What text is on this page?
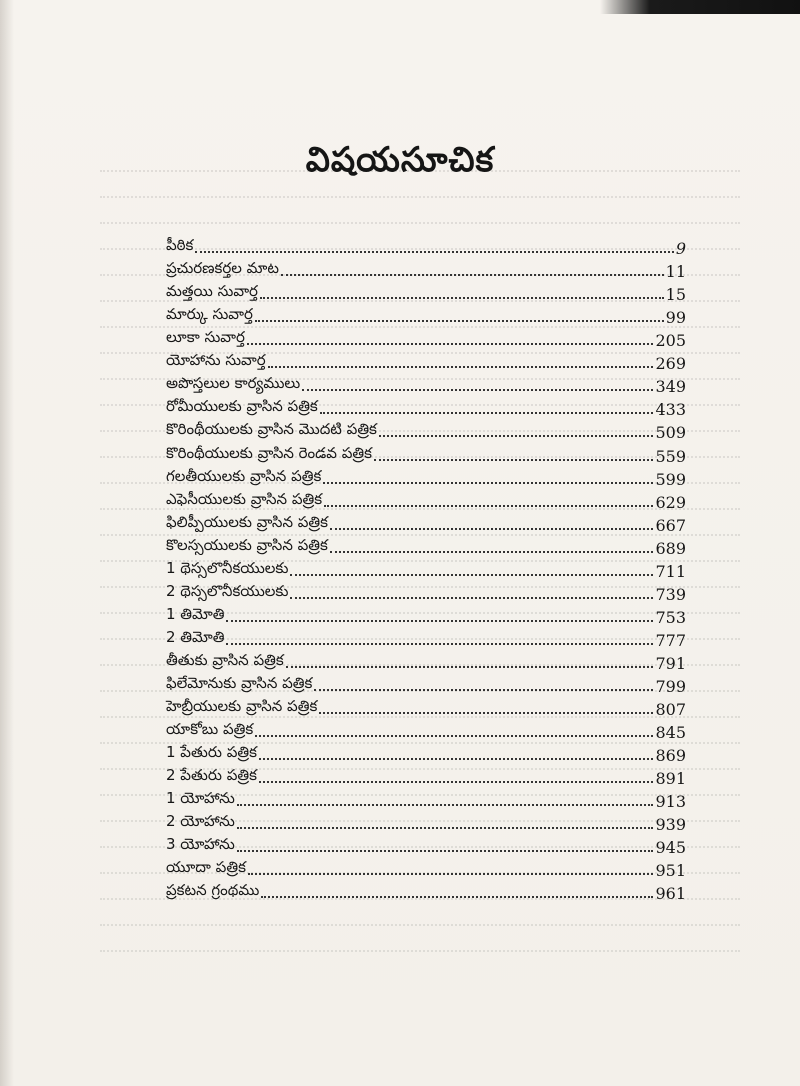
విషయసూచిక
పీఠిక	9
ప్రచురణకర్తల మాట	11
మత్తయి సువార్త	15
మార్కు సువార్త	99
లూకా సువార్త	205
యోహాను సువార్త	269
అపొస్తలుల కార్యములు	349
రోమీయులకు వ్రాసిన పత్రిక	433
కొరింథీయులకు వ్రాసిన మొదటి పత్రిక	509
కొరింథీయులకు వ్రాసిన రెండవ పత్రిక	559
గలతీయులకు వ్రాసిన పత్రిక	599
ఎఫెసీయులకు వ్రాసిన పత్రిక	629
ఫిలిప్పీయులకు వ్రాసిన పత్రిక	667
కొలస్సయులకు వ్రాసిన పత్రిక	689
1 థెస్సలొనీకయులకు	711
2 థెస్సలొనీకయులకు	739
1 తిమోతి	753
2 తిమోతి	777
తీతుకు వ్రాసిన పత్రిక	791
ఫిలేమోనుకు వ్రాసిన పత్రిక	799
హెబ్రీయులకు వ్రాసిన పత్రిక	807
యాకోబు పత్రిక	845
1 పేతురు పత్రిక	869
2 పేతురు పత్రిక	891
1 యోహాను	913
2 యోహాను	939
3 యోహాను	945
యూదా పత్రిక	951
ప్రకటన గ్రంథము	961
